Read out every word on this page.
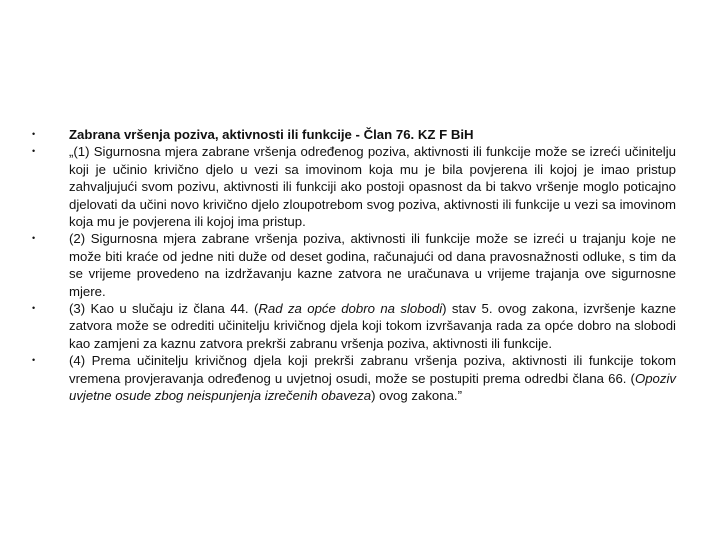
•	Zabrana vršenja poziva, aktivnosti ili funkcije - Član 76. KZ F BiH
•	„(1) Sigurnosna mjera zabrane vršenja određenog poziva, aktivnosti ili funkcije može se izreći učinitelju koji je učinio krivično djelo u vezi sa imovinom koja mu je bila povjerena ili kojoj je imao pristup zahvaljujući svom pozivu, aktivnosti ili funkciji ako postoji opasnost da bi takvo vršenje moglo poticajno djelovati da učini novo krivično djelo zloupotrebom svog poziva, aktivnosti ili funkcije u vezi sa imovinom koja mu je povjerena ili kojoj ima pristup.
•	(2) Sigurnosna mjera zabrane vršenja poziva, aktivnosti ili funkcije može se izreći u trajanju koje ne može biti kraće od jedne niti duže od deset godina, računajući od dana pravosnažnosti odluke, s tim da se vrijeme provedeno na izdržavanju kazne zatvora ne uračunava u vrijeme trajanja ove sigurnosne mjere.
•	(3) Kao u slučaju iz člana 44. (Rad za opće dobro na slobodi) stav 5. ovog zakona, izvršenje kazne zatvora može se odrediti učinitelju krivičnog djela koji tokom izvršavanja rada za opće dobro na slobodi kao zamjeni za kaznu zatvora prekrši zabranu vršenja poziva, aktivnosti ili funkcije.
•	(4) Prema učinitelju krivičnog djela koji prekrši zabranu vršenja poziva, aktivnosti ili funkcije tokom vremena provjeravanja određenog u uvjetnoj osudi, može se postupiti prema odredbi člana 66. (Opoziv uvjetne osude zbog neispunjenja izrečenih obaveza) ovog zakona.”
